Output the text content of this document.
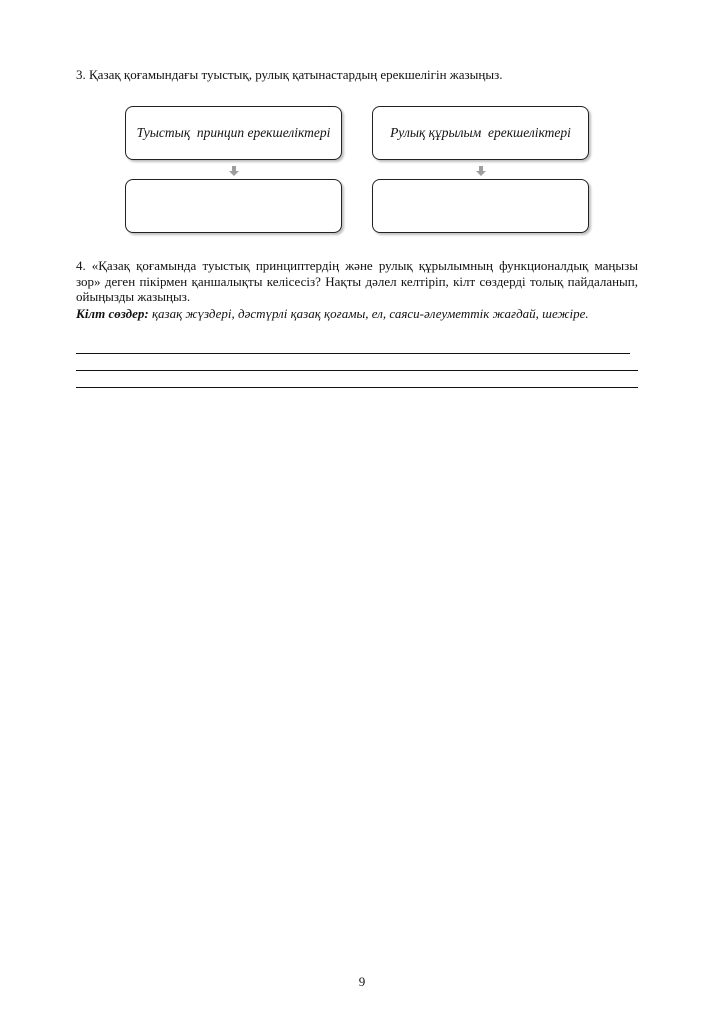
3. Қазақ қоғамындағы туыстық, рулық қатынастардың ерекшелігін жазыңыз.
Туыстық  принцип ерекшеліктері	Рулық құрылым  ерекшеліктері
4. «Қазақ қоғамында туыстық принциптердің және рулық құрылымның функционалдық маңызы зор» деген пікірмен қаншалықты келісесіз? Нақты дәлел келтіріп, кілт сөздерді толық пайдаланып, ойыңызды жазыңыз.
Кілт сөздер: қазақ жүздері, дәстүрлі қазақ қоғамы, ел, саяси-әлеуметтік жағдай, шежіре.
9
